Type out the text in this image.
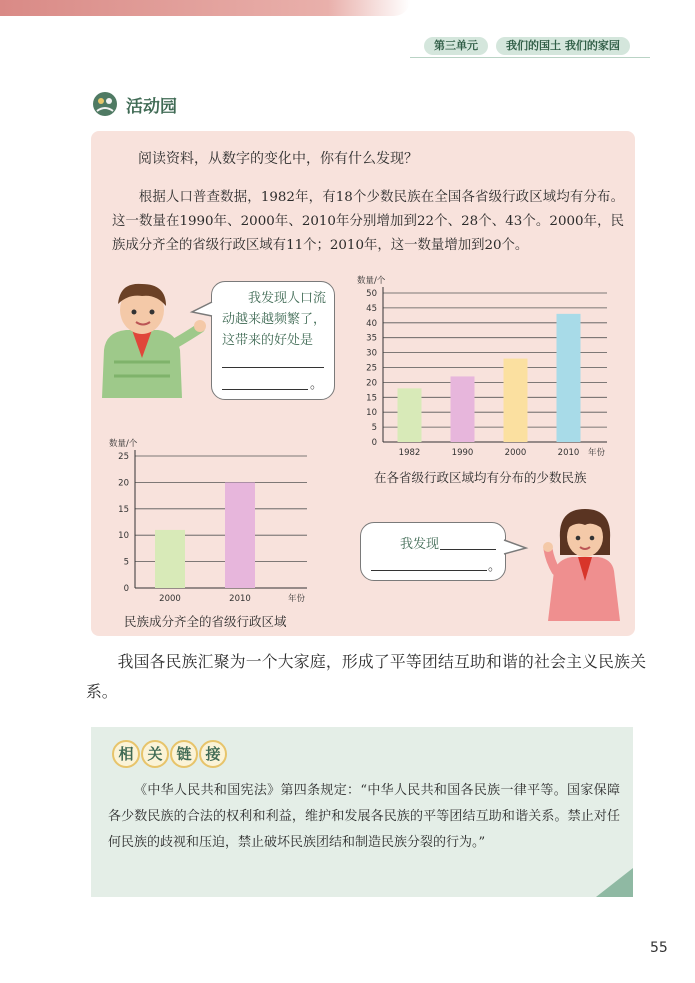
第三单元	我们的国土 我们的家园
活动园
阅读资料，从数字的变化中，你有什么发现？
根据人口普查数据，1982年，有18个少数民族在全国各省级行政区域均有分布。这一数量在1990年、2000年、2010年分别增加到22个、28个、43个。2000年，民族成分齐全的省级行政区域有11个；2010年，这一数量增加到20个。
我发现人口流动越来越频繁了，这带来的好处是
。
数量/个
0
5
10
15
20
25
30
35
40
45
50
1982	1990	2000	2010 年份
在各省级行政区域均有分布的少数民族
数量/个
0
5
10
15
20
25
2000	2010	年份
民族成分齐全的省级行政区域
我发现
。
我国各民族汇聚为一个大家庭，形成了平等团结互助和谐的社会主义民族关系。
相 关 链 接
《中华人民共和国宪法》第四条规定：“中华人民共和国各民族一律平等。国家保障各少数民族的合法的权利和利益，维护和发展各民族的平等团结互助和谐关系。禁止对任何民族的歧视和压迫，禁止破坏民族团结和制造民族分裂的行为。”
55
